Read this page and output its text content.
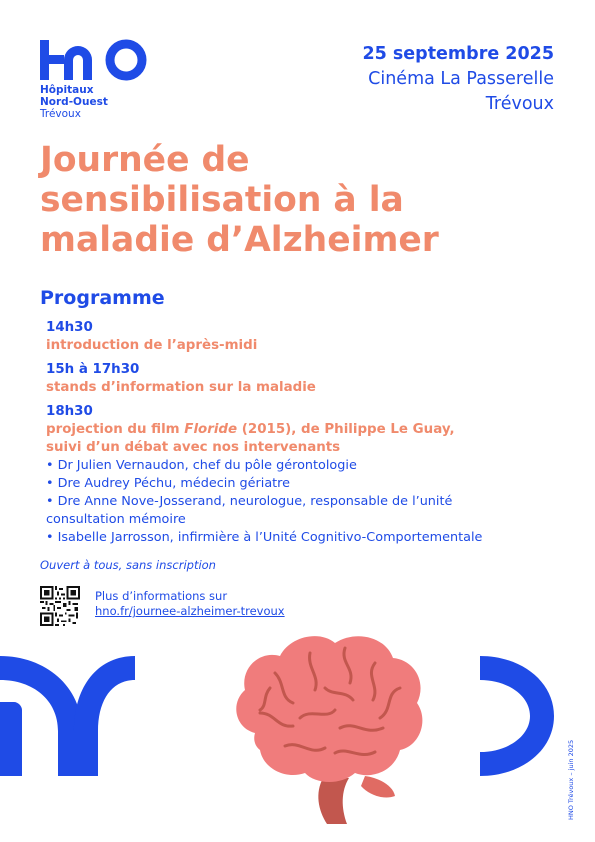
Hôpitaux
Nord-Ouest
Trévoux
25 septembre 2025
Cinéma La Passerelle
Trévoux
Journée de
sensibilisation à la
maladie d’Alzheimer
Programme
14h30
introduction de l’après-midi
15h à 17h30
stands d’information sur la maladie
18h30
projection du film Floride (2015), de Philippe Le Guay,
suivi d’un débat avec nos intervenants
• Dr Julien Vernaudon, chef du pôle gérontologie
• Dre Audrey Péchu, médecin gériatre
• Dre Anne Nove-Josserand, neurologue, responsable de l’unité
consultation mémoire
• Isabelle Jarrosson, infirmière à l’Unité Cognitivo-Comportementale
Ouvert à tous, sans inscription
Plus d’informations sur
hno.fr/journee-alzheimer-trevoux
HNO Trévoux – juin 2025
